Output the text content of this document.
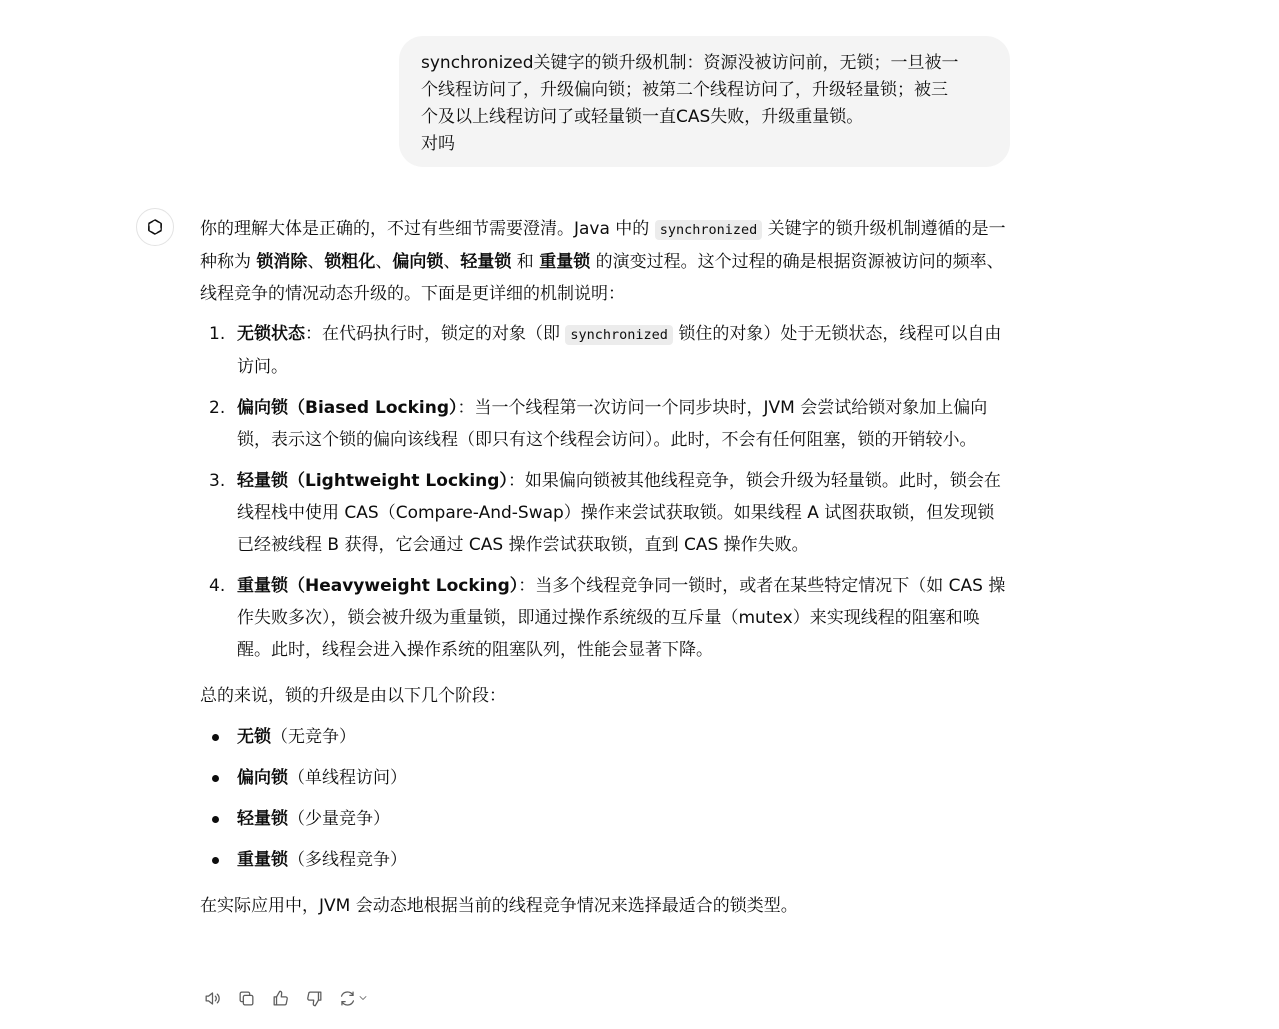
synchronized关键字的锁升级机制：资源没被访问前，无锁；一旦被一
个线程访问了，升级偏向锁；被第二个线程访问了，升级轻量锁；被三
个及以上线程访问了或轻量锁一直CAS失败，升级重量锁。
对吗

你的理解大体是正确的，不过有些细节需要澄清。Java 中的 synchronized 关键字的锁升级机制遵循的是一种称为 锁消除、锁粗化、偏向锁、轻量锁 和 重量锁 的演变过程。这个过程的确是根据资源被访问的频率、线程竞争的情况动态升级的。下面是更详细的机制说明：

1. 无锁状态：在代码执行时，锁定的对象（即 synchronized 锁住的对象）处于无锁状态，线程可以自由访问。
2. 偏向锁（Biased Locking）：当一个线程第一次访问一个同步块时，JVM 会尝试给锁对象加上偏向锁，表示这个锁的偏向该线程（即只有这个线程会访问）。此时，不会有任何阻塞，锁的开销较小。
3. 轻量锁（Lightweight Locking）：如果偏向锁被其他线程竞争，锁会升级为轻量锁。此时，锁会在线程栈中使用 CAS（Compare-And-Swap）操作来尝试获取锁。如果线程 A 试图获取锁，但发现锁已经被线程 B 获得，它会通过 CAS 操作尝试获取锁，直到 CAS 操作失败。
4. 重量锁（Heavyweight Locking）：当多个线程竞争同一锁时，或者在某些特定情况下（如 CAS 操作失败多次），锁会被升级为重量锁，即通过操作系统级的互斥量（mutex）来实现线程的阻塞和唤醒。此时，线程会进入操作系统的阻塞队列，性能会显著下降。

总的来说，锁的升级是由以下几个阶段：

无锁（无竞争）
偏向锁（单线程访问）
轻量锁（少量竞争）
重量锁（多线程竞争）

在实际应用中，JVM 会动态地根据当前的线程竞争情况来选择最适合的锁类型。
